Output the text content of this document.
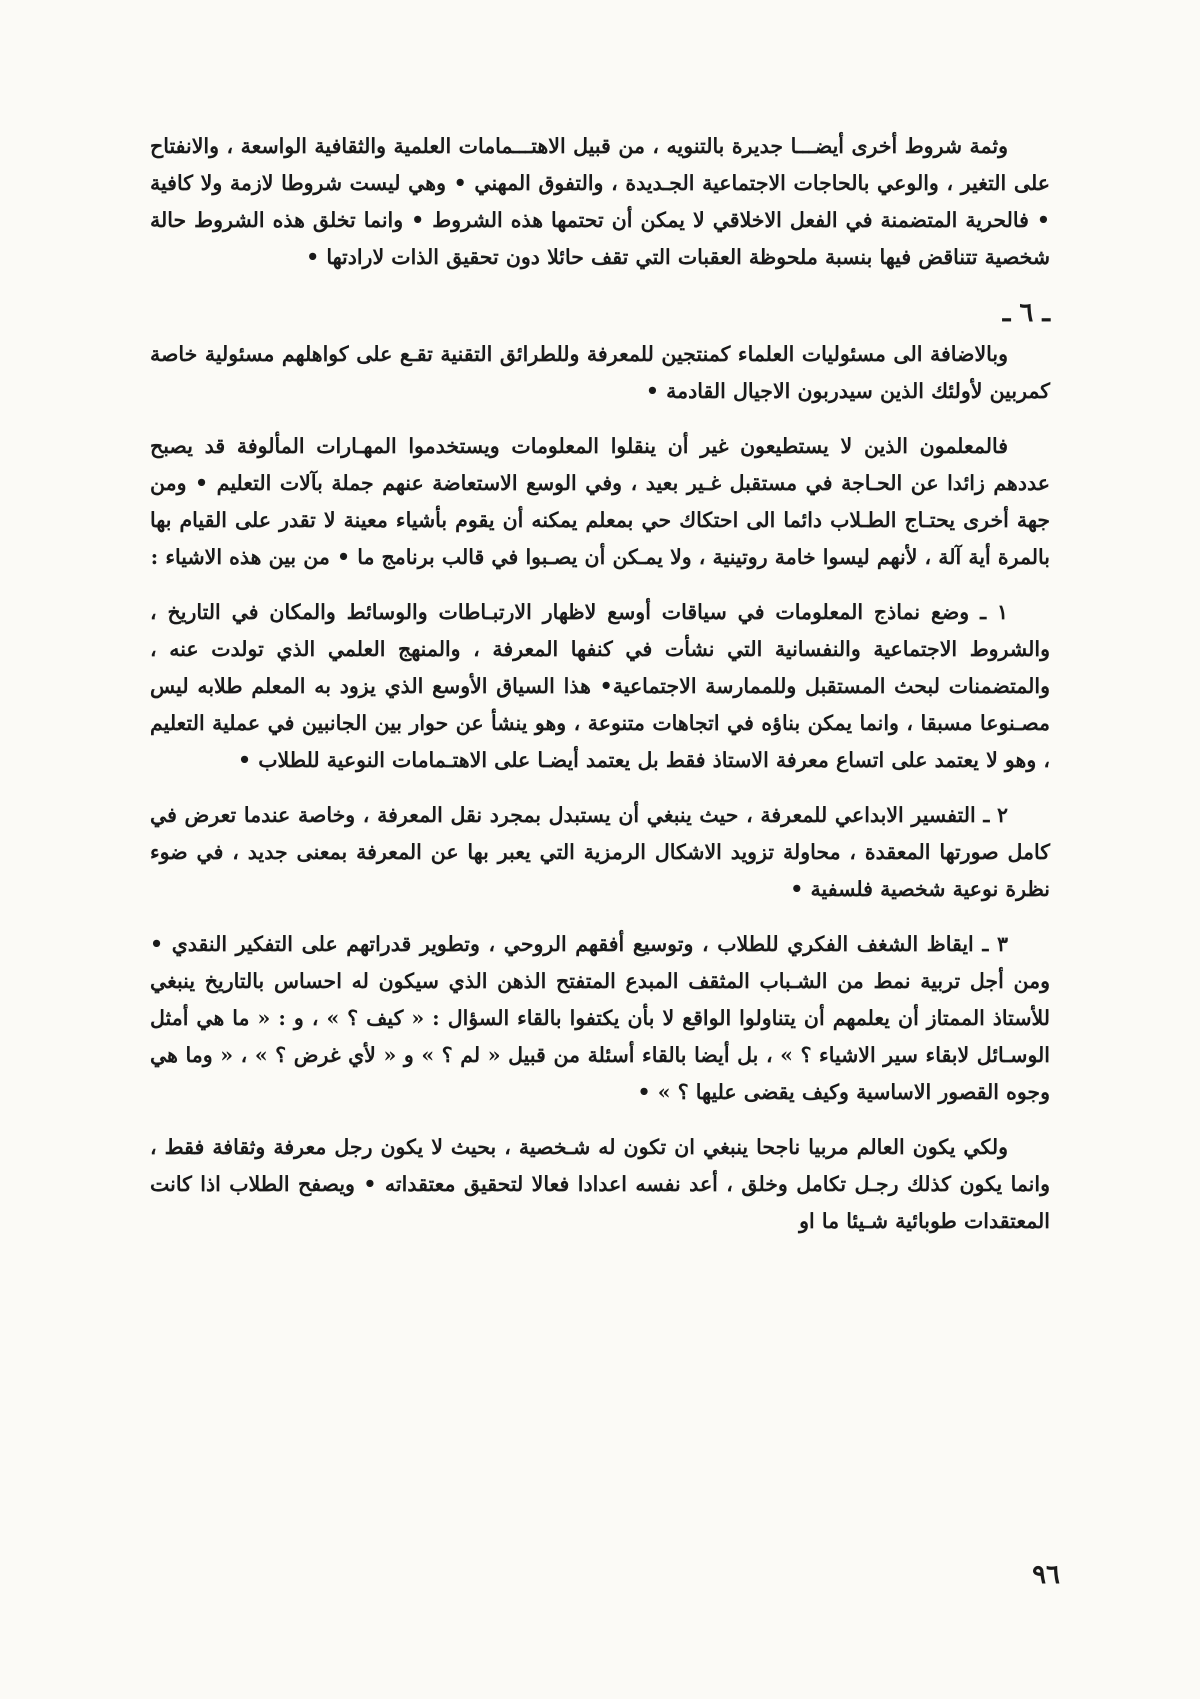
وثمة شروط أخرى أيضـــا جديرة بالتنويه ، من قبيل الاهتـــمامات العلمية والثقافية الواسعة ، والانفتاح على التغير ، والوعي بالحاجات الاجتماعية الجـديدة ، والتفوق المهني • وهي ليست شروطا لازمة ولا كافية • فالحرية المتضمنة في الفعل الاخلاقي لا يمكن أن تحتمها هذه الشروط • وانما تخلق هذه الشروط حالة شخصية تتناقض فيها بنسبة ملحوظة العقبات التي تقف حائلا دون تحقيق الذات لارادتها •

ـ ٦ ـ

وبالاضافة الى مسئوليات العلماء كمنتجين للمعرفة وللطرائق التقنية تقـع على كواهلهم مسئولية خاصة كمربين لأولئك الذين سيدربون الاجيال القادمة •

فالمعلمون الذين لا يستطيعون غير أن ينقلوا المعلومات ويستخدموا المهـارات المألوفة قد يصبح عددهم زائدا عن الحـاجة في مستقبل غـير بعيد ، وفي الوسع الاستعاضة عنهم جملة بآلات التعليم • ومن جهة أخرى يحتـاج الطـلاب دائما الى احتكاك حي بمعلم يمكنه أن يقوم بأشياء معينة لا تقدر على القيام بها بالمرة أية آلة ، لأنهم ليسوا خامة روتينية ، ولا يمـكن أن يصـبوا في قالب برنامج ما • من بين هذه الاشياء :

١ ـ وضع نماذج المعلومات في سياقات أوسع لاظهار الارتبـاطات والوسائط والمكان في التاريخ ، والشروط الاجتماعية والنفسانية التي نشأت في كنفها المعرفة ، والمنهج العلمي الذي تولدت عنه ، والمتضمنات لبحث المستقبل وللممارسة الاجتماعية• هذا السياق الأوسع الذي يزود به المعلم طلابه ليس مصـنوعا مسبقا ، وانما يمكن بناؤه في اتجاهات متنوعة ، وهو ينشأ عن حوار بين الجانبين في عملية التعليم ، وهو لا يعتمد على اتساع معرفة الاستاذ فقط بل يعتمد أيضـا على الاهتـمامات النوعية للطلاب •

٢ ـ التفسير الابداعي للمعرفة ، حيث ينبغي أن يستبدل بمجرد نقل المعرفة ، وخاصة عندما تعرض في كامل صورتها المعقدة ، محاولة تزويد الاشكال الرمزية التي يعبر بها عن المعرفة بمعنى جديد ، في ضوء نظرة نوعية شخصية فلسفية •

٣ ـ ايقاظ الشغف الفكري للطلاب ، وتوسيع أفقهم الروحي ، وتطوير قدراتهم على التفكير النقدي • ومن أجل تربية نمط من الشـباب المثقف المبدع المتفتح الذهن الذي سيكون له احساس بالتاريخ ينبغي للأستاذ الممتاز أن يعلمهم أن يتناولوا الواقع لا بأن يكتفوا بالقاء السؤال : « كيف ؟ » ، و : « ما هي أمثل الوسـائل لابقاء سير الاشياء ؟ » ، بل أيضا بالقاء أسئلة من قبيل « لم ؟ » و « لأي غرض ؟ » ، « وما هي وجوه القصور الاساسية وكيف يقضى عليها ؟ » •

ولكي يكون العالم مربيا ناجحا ينبغي ان تكون له شـخصية ، بحيث لا يكون رجل معرفة وثقافة فقط ، وانما يكون كذلك رجـل تكامل وخلق ، أعد نفسه اعدادا فعالا لتحقيق معتقداته • ويصفح الطلاب اذا كانت المعتقدات طوبائية شـيئا ما او

٩٦
